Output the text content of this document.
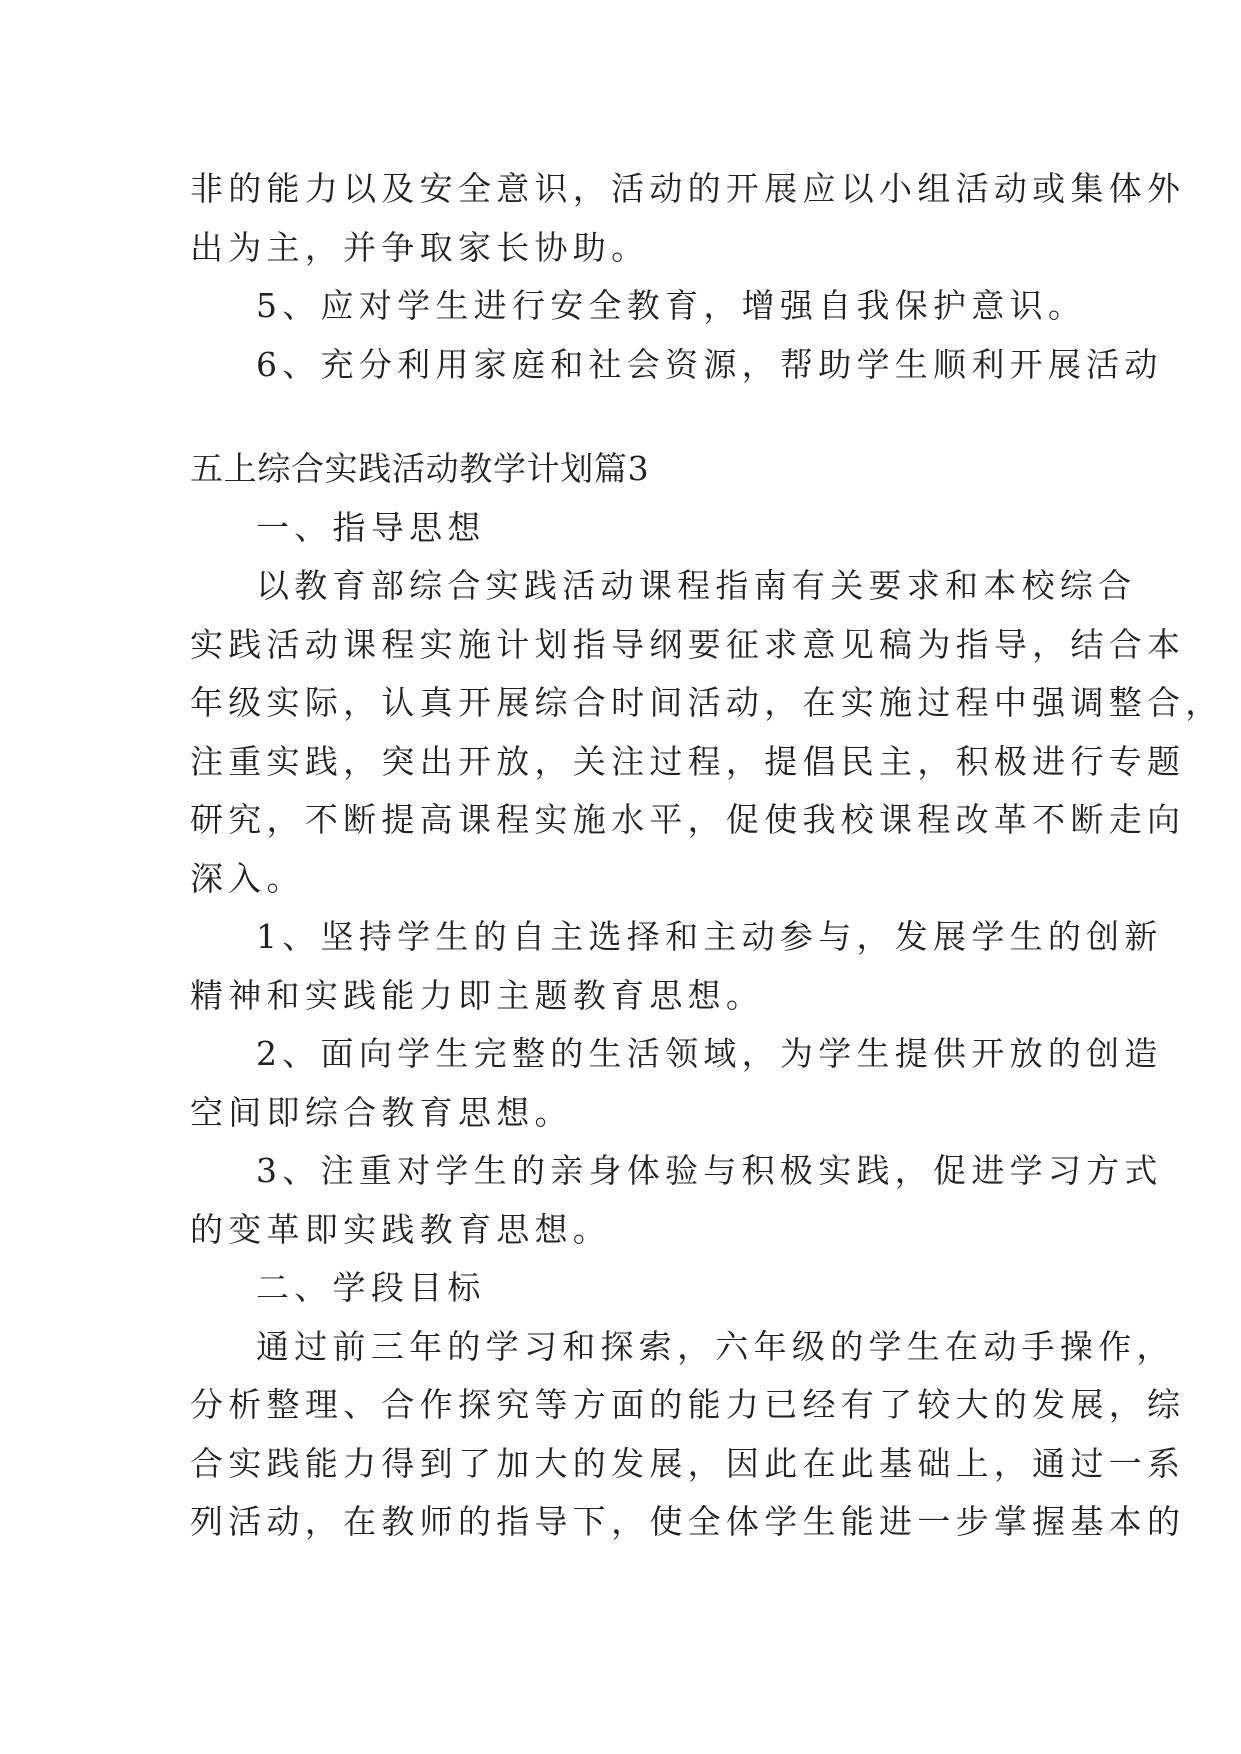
非的能力以及安全意识，活动的开展应以小组活动或集体外
出为主，并争取家长协助。
5、应对学生进行安全教育，增强自我保护意识。
6、充分利用家庭和社会资源，帮助学生顺利开展活动
五上综合实践活动教学计划篇3
一、指导思想
以教育部综合实践活动课程指南有关要求和本校综合
实践活动课程实施计划指导纲要征求意见稿为指导，结合本
年级实际，认真开展综合时间活动，在实施过程中强调整合，
注重实践，突出开放，关注过程，提倡民主，积极进行专题
研究，不断提高课程实施水平，促使我校课程改革不断走向
深入。
1、坚持学生的自主选择和主动参与，发展学生的创新
精神和实践能力即主题教育思想。
2、面向学生完整的生活领域，为学生提供开放的创造
空间即综合教育思想。
3、注重对学生的亲身体验与积极实践，促进学习方式
的变革即实践教育思想。
二、学段目标
通过前三年的学习和探索，六年级的学生在动手操作，
分析整理、合作探究等方面的能力已经有了较大的发展，综
合实践能力得到了加大的发展，因此在此基础上，通过一系
列活动，在教师的指导下，使全体学生能进一步掌握基本的
